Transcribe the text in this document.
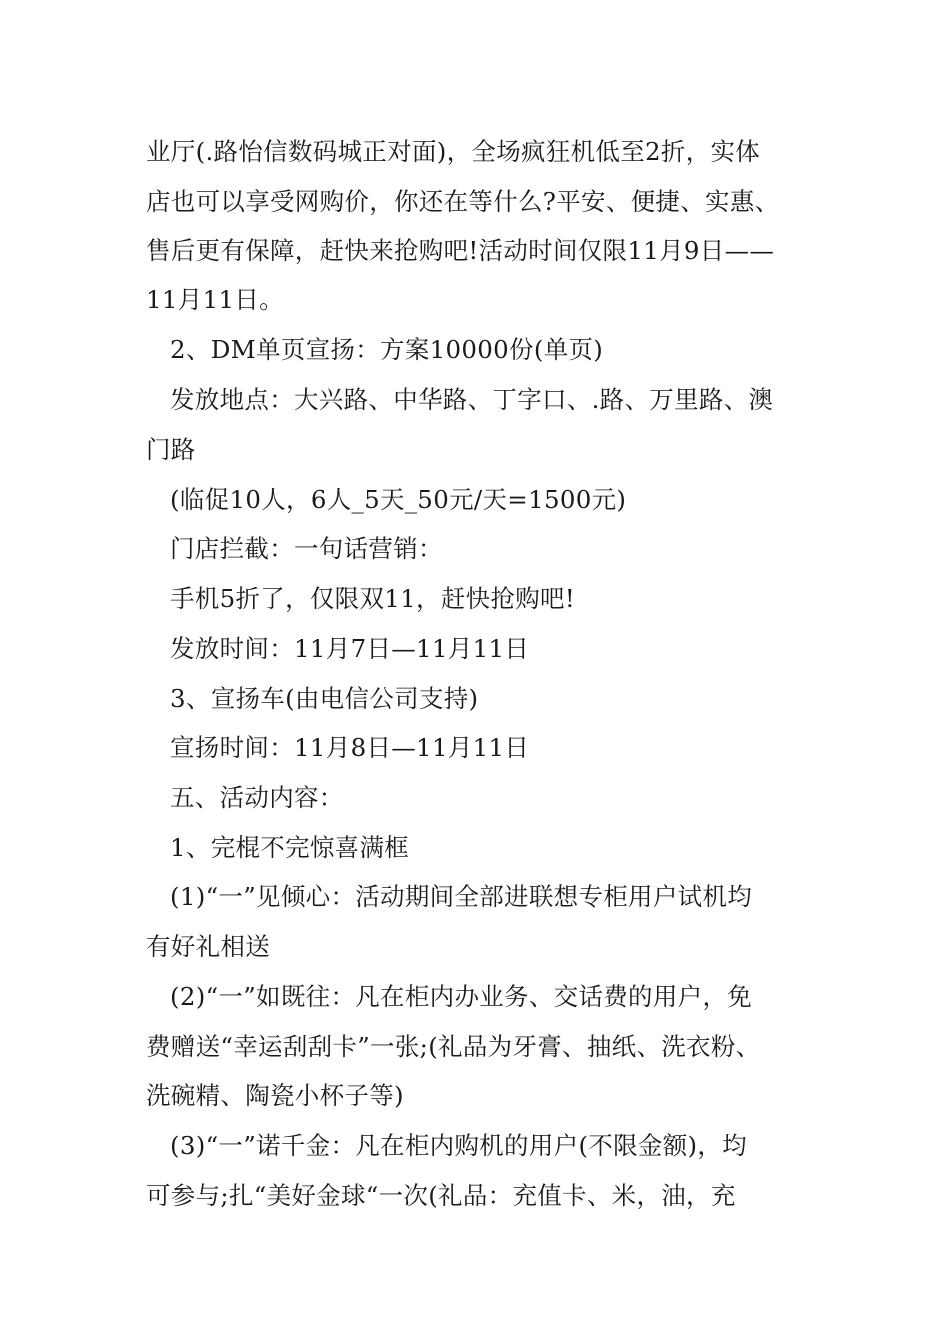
业厅(.路怡信数码城正对面)，全场疯狂机低至2折，实体
店也可以享受网购价，你还在等什么?平安、便捷、实惠、
售后更有保障，赶快来抢购吧!活动时间仅限11月9日——
11月11日。
2、DM单页宣扬：方案10000份(单页)
发放地点：大兴路、中华路、丁字口、.路、万里路、澳
门路
(临促10人，6人_5天_50元/天=1500元)
门店拦截：一句话营销：
手机5折了，仅限双11，赶快抢购吧!
发放时间：11月7日—11月11日
3、宣扬车(由电信公司支持)
宣扬时间：11月8日—11月11日
五、活动内容：
1、完棍不完惊喜满框
(1)“一”见倾心：活动期间全部进联想专柜用户试机均
有好礼相送
(2)“一”如既往：凡在柜内办业务、交话费的用户，免
费赠送“幸运刮刮卡”一张;(礼品为牙膏、抽纸、洗衣粉、
洗碗精、陶瓷小杯子等)
(3)“一”诺千金：凡在柜内购机的用户(不限金额)，均
可参与;扎“美好金球“一次(礼品：充值卡、米，油，充
